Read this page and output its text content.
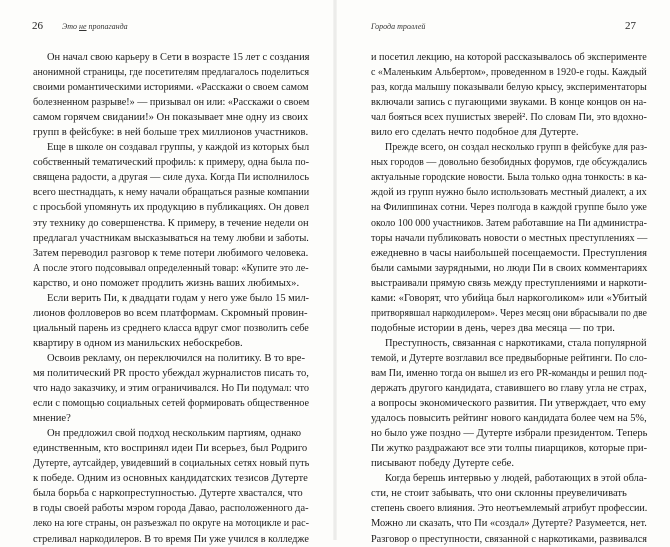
26 Это не пропаганда
Он начал свою карьеру в Сети в возрасте 15 лет с создания
анонимной страницы, где посетителям предлагалось поделиться
своими романтическими историями. «Расскажи о своем самом
болезненном разрыве!» — призывал он или: «Расскажи о своем
самом горячем свидании!» Он показывает мне одну из своих
групп в фейсбуке: в ней больше трех миллионов участников.
Еще в школе он создавал группы, у каждой из которых был
собственный тематический профиль: к примеру, одна была по-
священа радости, а другая — силе духа. Когда Пи исполнилось
всего шестнадцать, к нему начали обращаться разные компании
с просьбой упомянуть их продукцию в публикациях. Он довел
эту технику до совершенства. К примеру, в течение недели он
предлагал участникам высказываться на тему любви и заботы.
Затем переводил разговор к теме потери любимого человека.
А после этого подсовывал определенный товар: «Купите это ле-
карство, и оно поможет продлить жизнь ваших любимых».
Если верить Пи, к двадцати годам у него уже было 15 мил-
лионов фолловеров во всем платформам. Скромный провин-
циальный парень из среднего класса вдруг смог позволить себе
квартиру в одном из манильских небоскребов.
Освоив рекламу, он переключился на политику. В то вре-
мя политический PR просто убеждал журналистов писать то,
что надо заказчику, и этим ограничивался. Но Пи подумал: что
если с помощью социальных сетей формировать общественное
мнение?
Он предложил свой подход нескольким партиям, однако
единственным, кто воспринял идеи Пи всерьез, был Родриго
Дутерте, аутсайдер, увидевший в социальных сетях новый путь
к победе. Одним из основных кандидатских тезисов Дутерте
была борьба с наркопреступностью. Дутерте хвастался, что
в годы своей работы мэром города Давао, расположенного да-
леко на юге страны, он разъезжал по округе на мотоцикле и рас-
стреливал наркодилеров. В то время Пи уже учился в колледже
Города троллей	27
и посетил лекцию, на которой рассказывалось об эксперименте
с «Маленьким Альбертом», проведенном в 1920-е годы. Каждый
раз, когда малышу показывали белую крысу, экспериментаторы
включали запись с пугающими звуками. В конце концов он на-
чал бояться всех пушистых зверей². По словам Пи, это вдохно-
вило его сделать нечто подобное для Дутерте.
Прежде всего, он создал несколько групп в фейсбуке для раз-
ных городов — довольно безобидных форумов, где обсуждались
актуальные городские новости. Была только одна тонкость: в ка-
ждой из групп нужно было использовать местный диалект, а их
на Филиппинах сотни. Через полгода в каждой группе было уже
около 100 000 участников. Затем работавшие на Пи администра-
торы начали публиковать новости о местных преступлениях —
ежедневно в часы наибольшей посещаемости. Преступления
были самыми заурядными, но люди Пи в своих комментариях
выстраивали прямую связь между преступлениями и наркоти-
ками: «Говорят, что убийца был наркоголиком» или «Убитый
притворявшал наркодилером». Через месяц они вбрасывали по две
подобные истории в день, через два месяца — по три.
Преступность, связанная с наркотиками, стала популярной
темой, и Дутерте возглавил все предвыборные рейтинги. По сло-
вам Пи, именно тогда он вышел из его PR-команды и решил под-
держать другого кандидата, ставившего во главу угла не страх,
а вопросы экономического развития. Пи утверждает, что ему
удалось повысить рейтинг нового кандидата более чем на 5%,
но было уже поздно — Дутерте избрали президентом. Теперь
Пи жутко раздражают все эти толпы пиарщиков, которые при-
писывают победу Дутерте себе.
Когда берешь интервью у людей, работающих в этой обла-
сти, не стоит забывать, что они склонны преувеличивать
степень своего влияния. Это неотъемлемый атрибут профессии.
Можно ли сказать, что Пи «создал» Дутерте? Разумеется, нет.
Разговор о преступности, связанной с наркотиками, развивался
